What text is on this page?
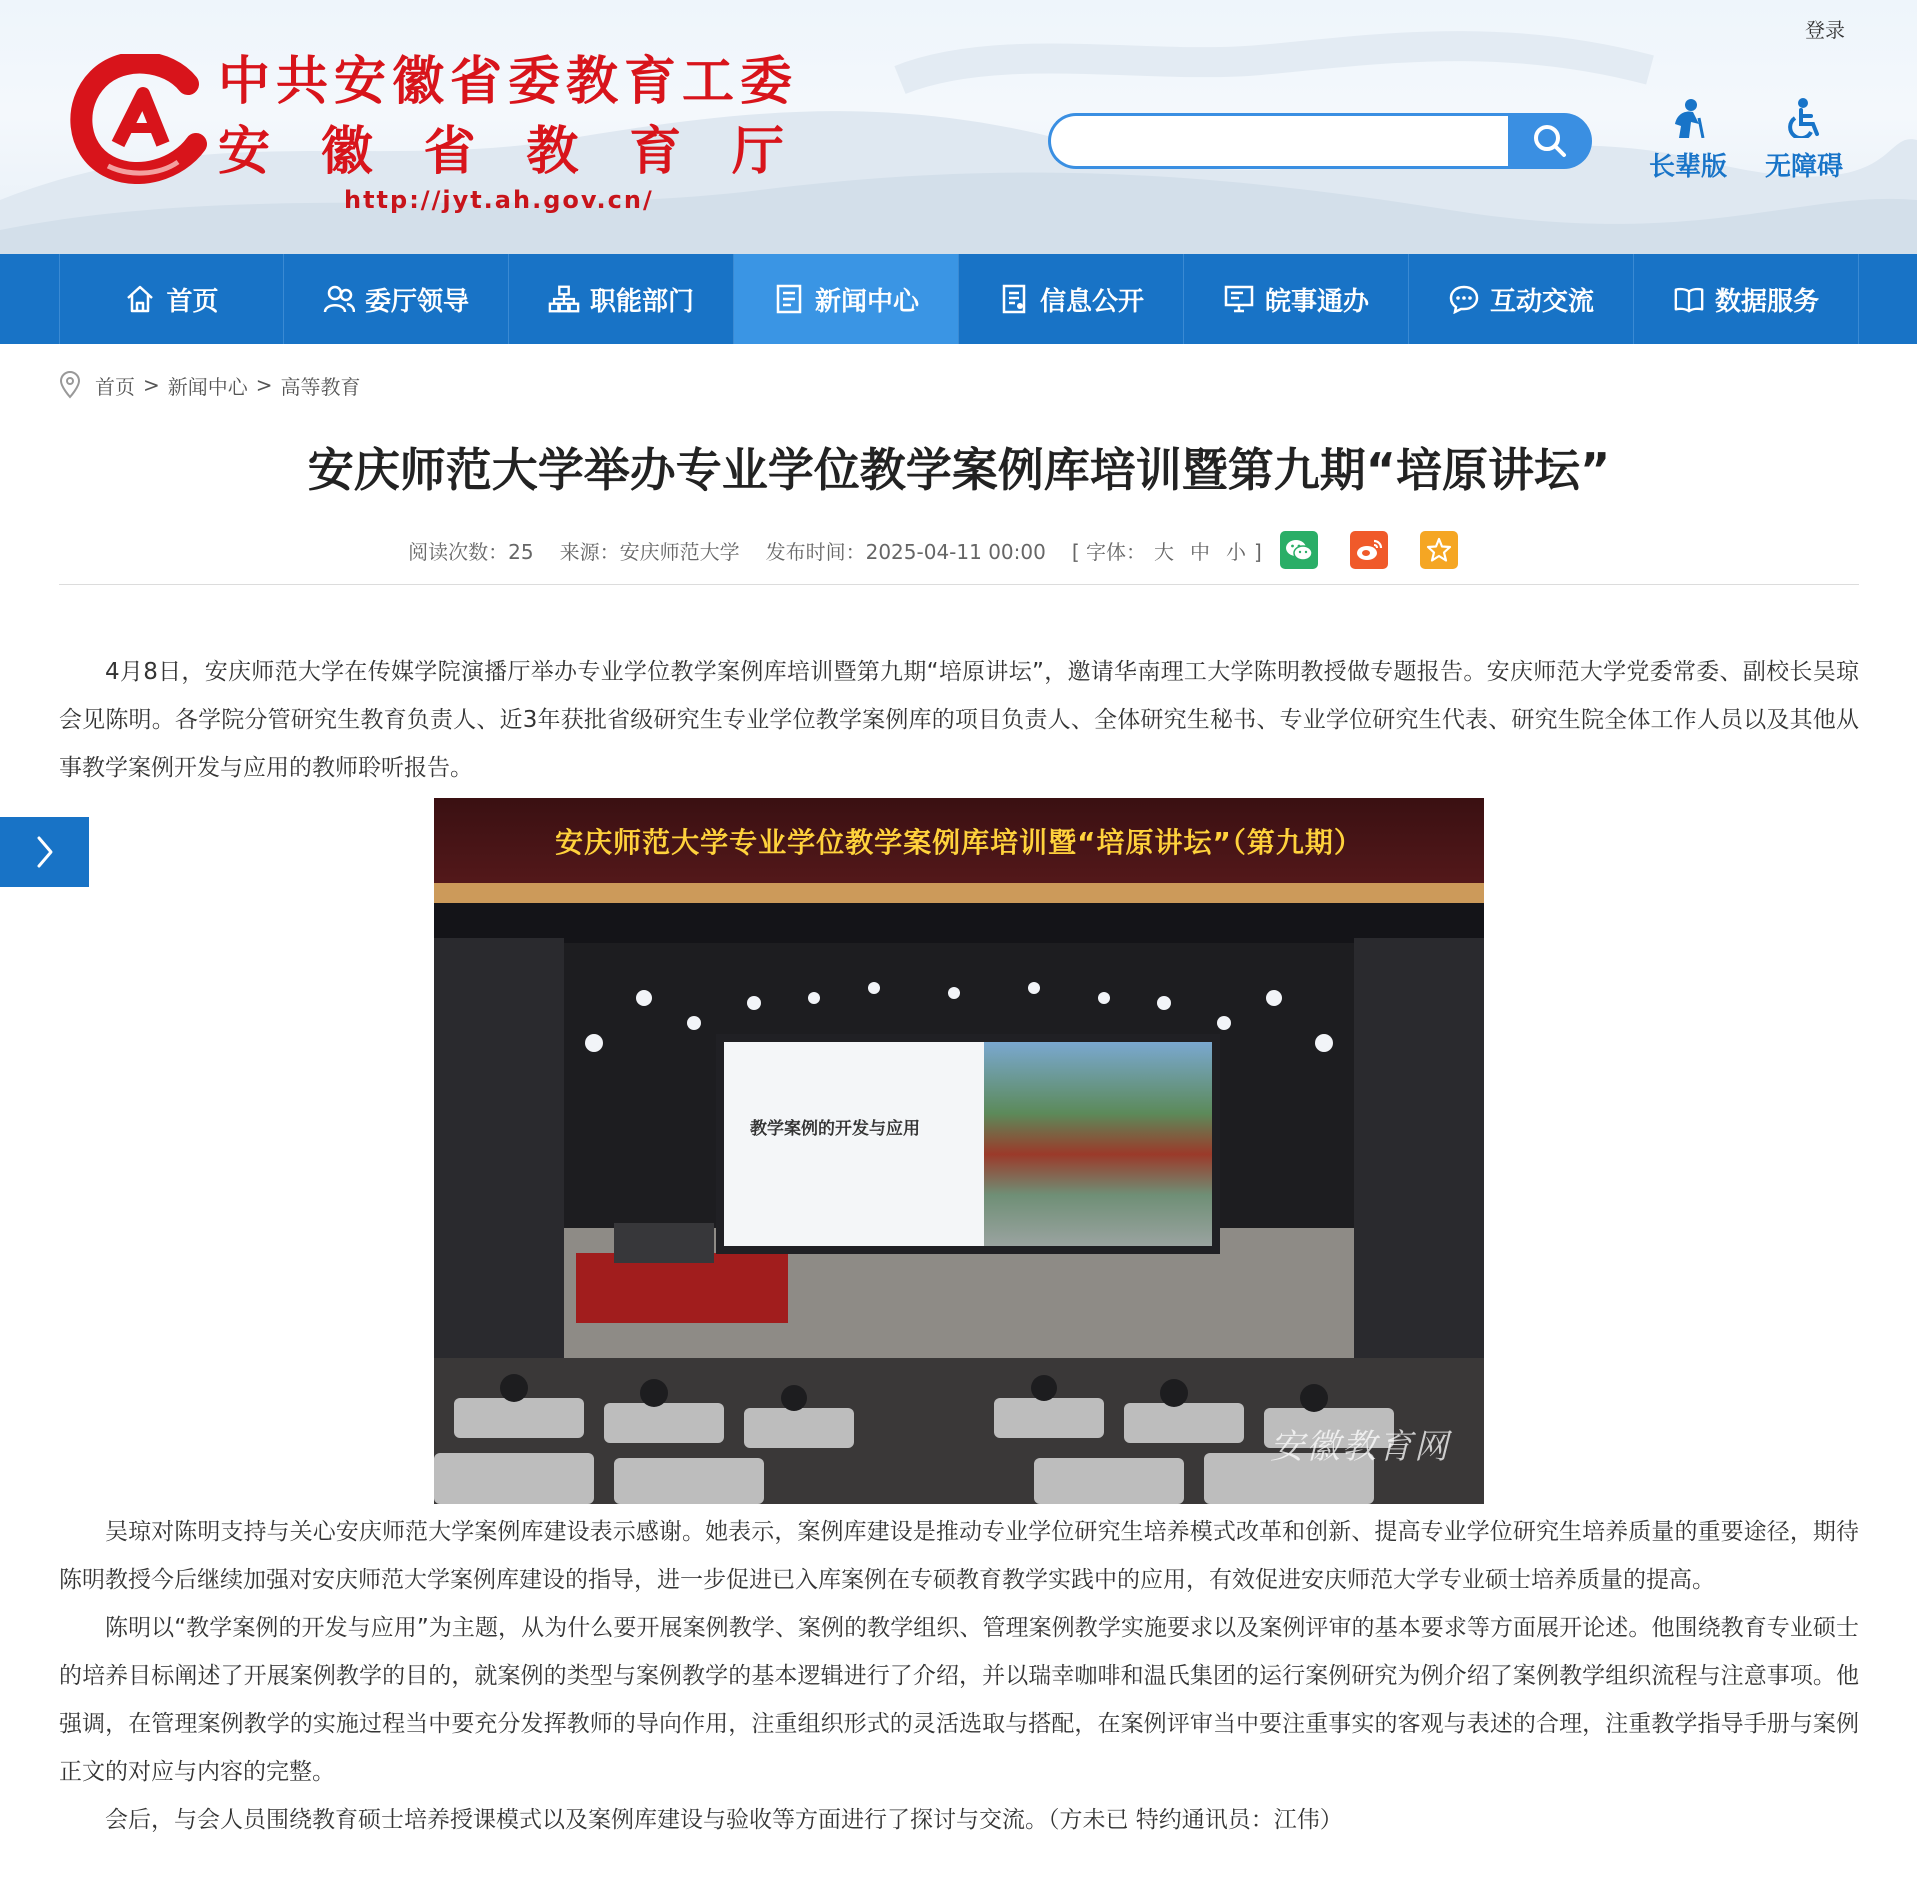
登录
中共安徽省委教育工委
安 徽 省 教 育 厅
http://jyt.ah.gov.cn/
长辈版	无障碍
首页	委厅领导	职能部门	新闻中心	信息公开	皖事通办	互动交流	数据服务
首页 > 新闻中心 > 高等教育
安庆师范大学举办专业学位教学案例库培训暨第九期“培原讲坛”
阅读次数：25 来源：安庆师范大学 发布时间：2025-04-11 00:00 [ 字体： 大 中 小 ]

4月8日，安庆师范大学在传媒学院演播厅举办专业学位教学案例库培训暨第九期“培原讲坛”，邀请华南理工大学陈明教授做专题报告。安庆师范大学党委常委、副校长吴琼会见陈明。各学院分管研究生教育负责人、近3年获批省级研究生专业学位教学案例库的项目负责人、全体研究生秘书、专业学位研究生代表、研究生院全体工作人员以及其他从事教学案例开发与应用的教师聆听报告。

安庆师范大学专业学位教学案例库培训暨“培原讲坛”（第九期）
教学案例的开发与应用
安徽教育网

吴琼对陈明支持与关心安庆师范大学案例库建设表示感谢。她表示，案例库建设是推动专业学位研究生培养模式改革和创新、提高专业学位研究生培养质量的重要途径，期待陈明教授今后继续加强对安庆师范大学案例库建设的指导，进一步促进已入库案例在专硕教育教学实践中的应用，有效促进安庆师范大学专业硕士培养质量的提高。

陈明以“教学案例的开发与应用”为主题，从为什么要开展案例教学、案例的教学组织、管理案例教学实施要求以及案例评审的基本要求等方面展开论述。他围绕教育专业硕士的培养目标阐述了开展案例教学的目的，就案例的类型与案例教学的基本逻辑进行了介绍，并以瑞幸咖啡和温氏集团的运行案例研究为例介绍了案例教学组织流程与注意事项。他强调，在管理案例教学的实施过程当中要充分发挥教师的导向作用，注重组织形式的灵活选取与搭配，在案例评审当中要注重事实的客观与表述的合理，注重教学指导手册与案例正文的对应与内容的完整。

会后，与会人员围绕教育硕士培养授课模式以及案例库建设与验收等方面进行了探讨与交流。（方未已 特约通讯员：江伟）
